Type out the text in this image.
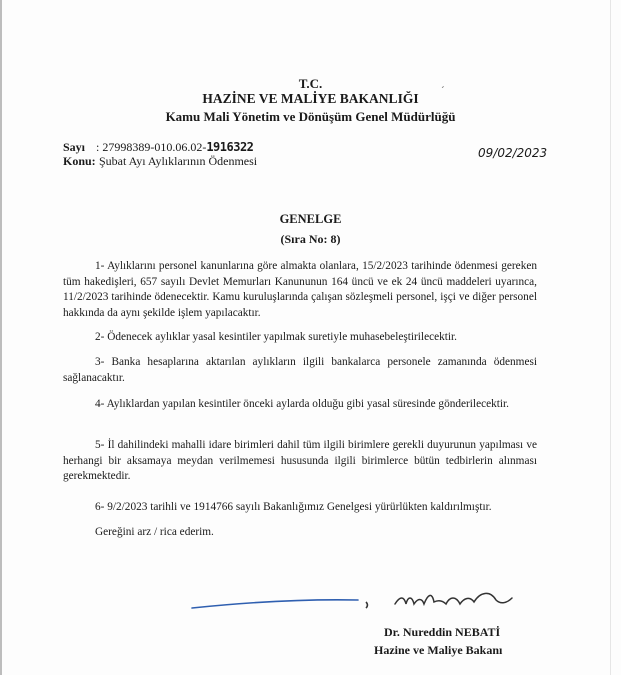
T.C.
HAZİNE VE MALİYE BAKANLIĞI	´
Kamu Mali Yönetim ve Dönüşüm Genel Müdürlüğü
Sayı : 27998389-010.06.02-1916322	09/02/2023
Konu: Şubat Ayı Aylıklarının Ödenmesi
GENELGE
(Sıra No: 8)
1- Aylıklarını personel kanunlarına göre almakta olanlara, 15/2/2023 tarihinde ödenmesi gereken tüm hakedişleri, 657 sayılı Devlet Memurları Kanununun 164 üncü ve ek 24 üncü maddeleri uyarınca, 11/2/2023 tarihinde ödenecektir. Kamu kuruluşlarında çalışan sözleşmeli personel, işçi ve diğer personel hakkında da aynı şekilde işlem yapılacaktır.
2- Ödenecek aylıklar yasal kesintiler yapılmak suretiyle muhasebeleştirilecektir.
3- Banka hesaplarına aktarılan aylıkların ilgili bankalarca personele zamanında ödenmesi sağlanacaktır.
4- Aylıklardan yapılan kesintiler önceki aylarda olduğu gibi yasal süresinde gönderilecektir.
5- İl dahilindeki mahalli idare birimleri dahil tüm ilgili birimlere gerekli duyurunun yapılması ve herhangi bir aksamaya meydan verilmemesi hususunda ilgili birimlerce bütün tedbirlerin alınması gerekmektedir.
6- 9/2/2023 tarihli ve 1914766 sayılı Bakanlığımız Genelgesi yürürlükten kaldırılmıştır.
Gereğini arz / rica ederim.
Dr. Nureddin NEBATİ
Hazine ve Maliye Bakanı
